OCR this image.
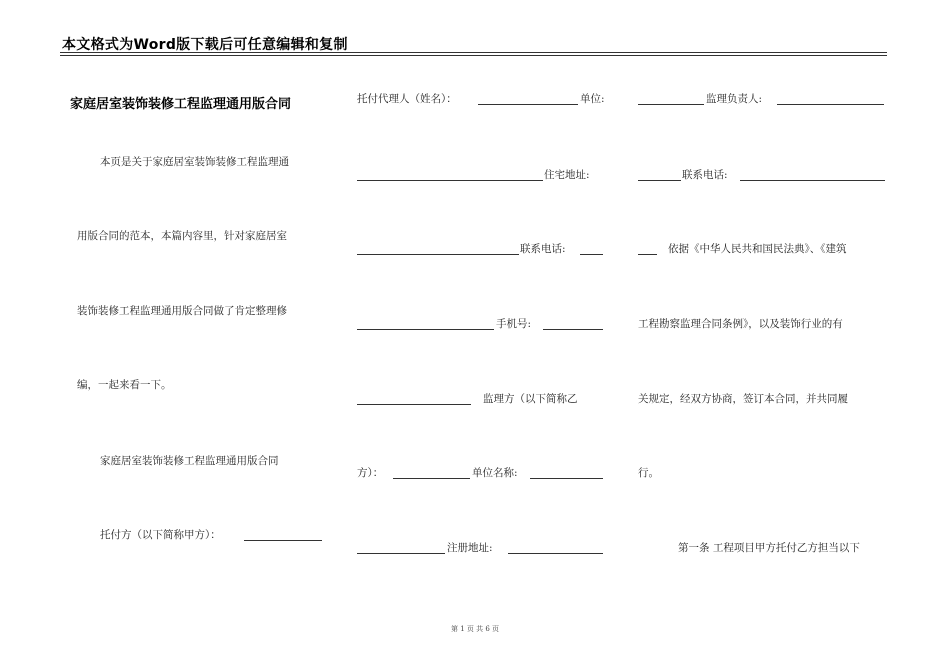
本文格式为Word版下载后可任意编辑和复制
家庭居室装饰装修工程监理通用版合同
本页是关于家庭居室装饰装修工程监理通
用版合同的范本，本篇内容里，针对家庭居室
装饰装修工程监理通用版合同做了肯定整理修
编，一起来看一下。
家庭居室装饰装修工程监理通用版合同
托付方（以下简称甲方）：
托付代理人（姓名）：	单位:
住宅地址:
联系电话:
手机号:
监理方（以下简称乙
方）：	单位名称:
注册地址:
监理负责人:
联系电话:
依据《中华人民共和国民法典》、《建筑
工程勘察监理合同条例》，以及装饰行业的有
关规定，经双方协商，签订本合同，并共同履
行。
第一条 工程项目甲方托付乙方担当以下
第 1 页 共 6 页
